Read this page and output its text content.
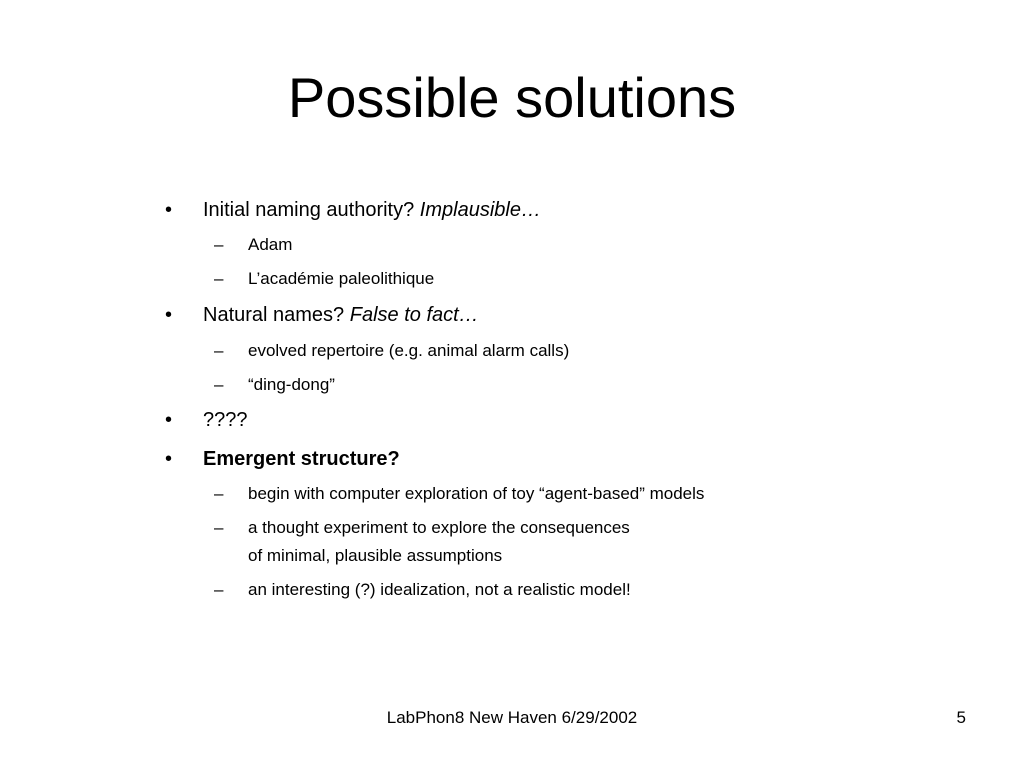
Possible solutions
• Initial naming authority? Implausible…
– Adam
– L’académie paleolithique
• Natural names? False to fact…
– evolved repertoire (e.g. animal alarm calls)
– “ding-dong”
• ????
• Emergent structure?
– begin with computer exploration of toy “agent-based” models
– a thought experiment to explore the consequences
of minimal, plausible assumptions
– an interesting (?) idealization, not a realistic model!
LabPhon8 New Haven 6/29/2002	5
